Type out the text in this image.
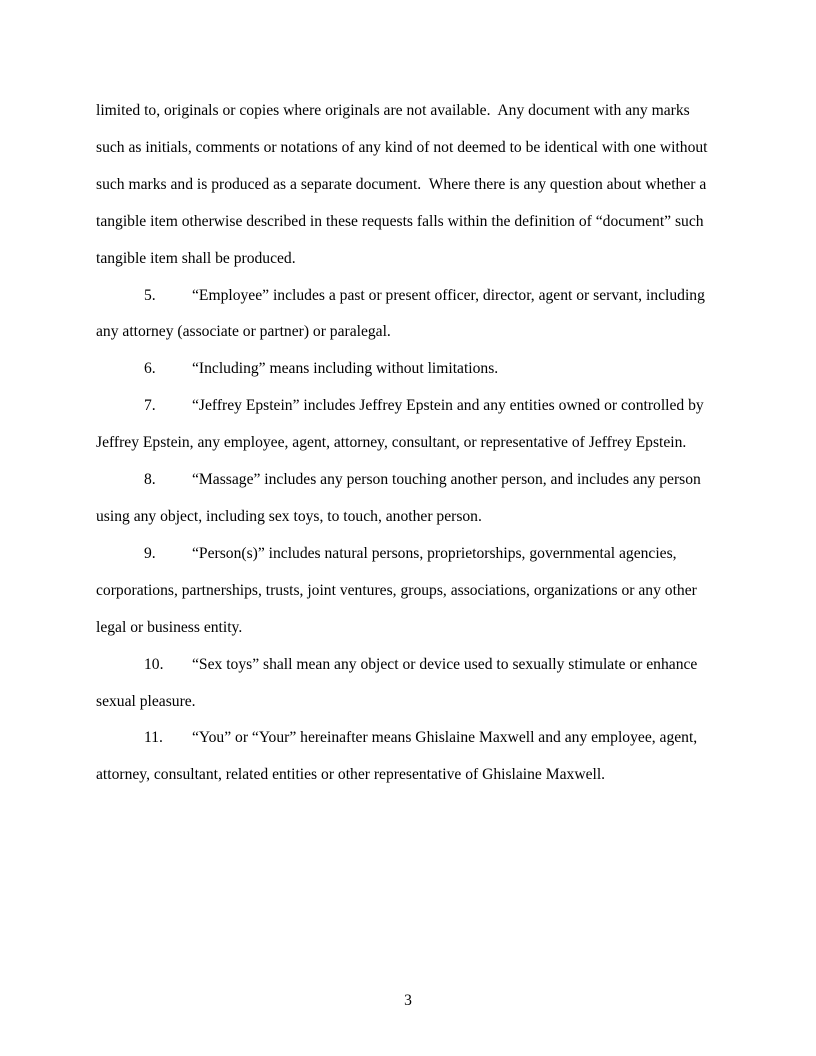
limited to, originals or copies where originals are not available.  Any document with any marks such as initials, comments or notations of any kind of not deemed to be identical with one without such marks and is produced as a separate document.  Where there is any question about whether a tangible item otherwise described in these requests falls within the definition of “document” such tangible item shall be produced.

5. “Employee” includes a past or present officer, director, agent or servant, including any attorney (associate or partner) or paralegal.

6. “Including” means including without limitations.

7. “Jeffrey Epstein” includes Jeffrey Epstein and any entities owned or controlled by Jeffrey Epstein, any employee, agent, attorney, consultant, or representative of Jeffrey Epstein.

8. “Massage” includes any person touching another person, and includes any person using any object, including sex toys, to touch, another person.

9. “Person(s)” includes natural persons, proprietorships, governmental agencies, corporations, partnerships, trusts, joint ventures, groups, associations, organizations or any other legal or business entity.

10. “Sex toys” shall mean any object or device used to sexually stimulate or enhance sexual pleasure.

11. “You” or “Your” hereinafter means Ghislaine Maxwell and any employee, agent, attorney, consultant, related entities or other representative of Ghislaine Maxwell.

3
